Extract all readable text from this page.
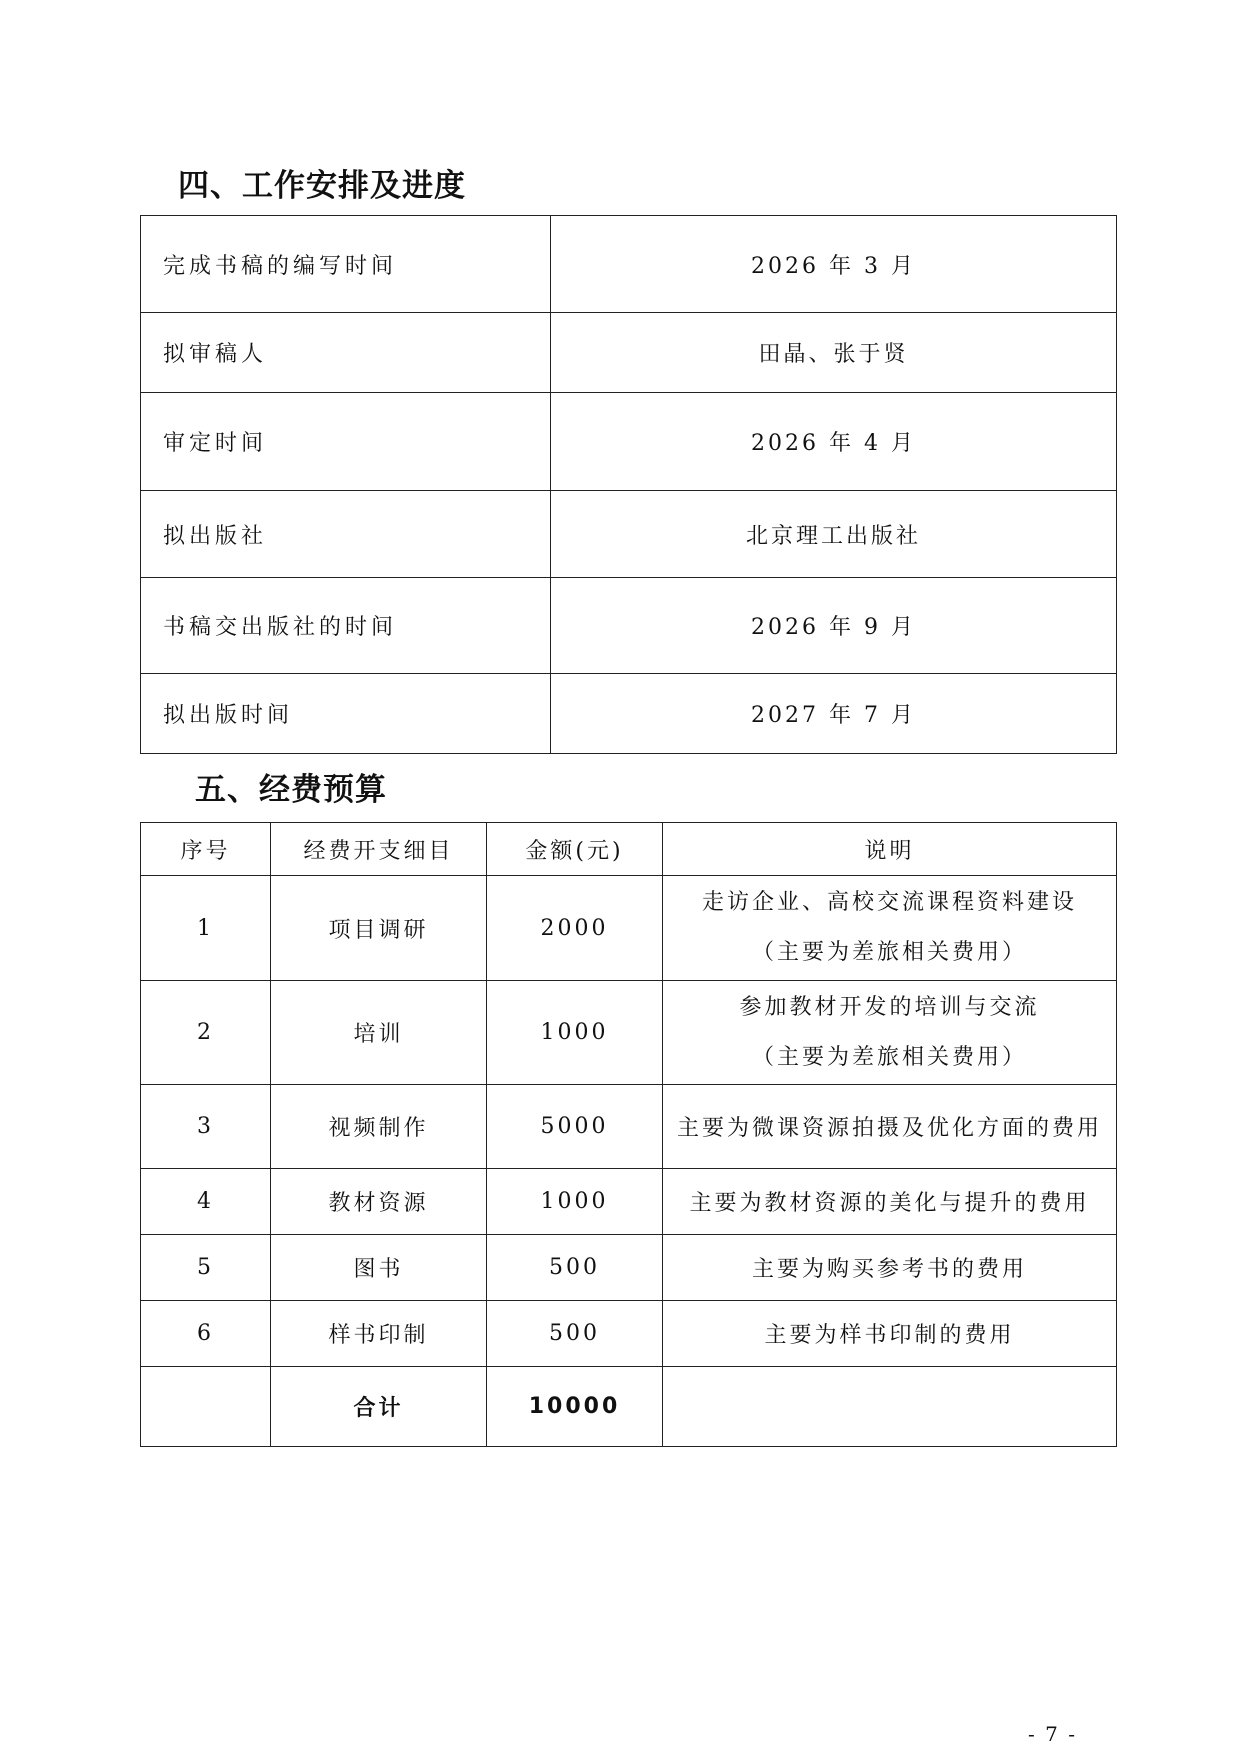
四、工作安排及进度
完成书稿的编写时间	2026 年 3 月
拟审稿人	田晶、张于贤
审定时间	2026 年 4 月
拟出版社	北京理工出版社
书稿交出版社的时间	2026 年 9 月
拟出版时间	2027 年 7 月
五、经费预算
序号	经费开支细目	金额(元)	说明
1	项目调研	2000	走访企业、高校交流课程资料建设
（主要为差旅相关费用）

2	培训	1000	参加教材开发的培训与交流
（主要为差旅相关费用）

3	视频制作	5000	主要为微课资源拍摄及优化方面的费用
4	教材资源	1000	主要为教材资源的美化与提升的费用
5	图书	500	主要为购买参考书的费用
6	样书印制	500	主要为样书印制的费用
	合计	10000	
- 7 -
